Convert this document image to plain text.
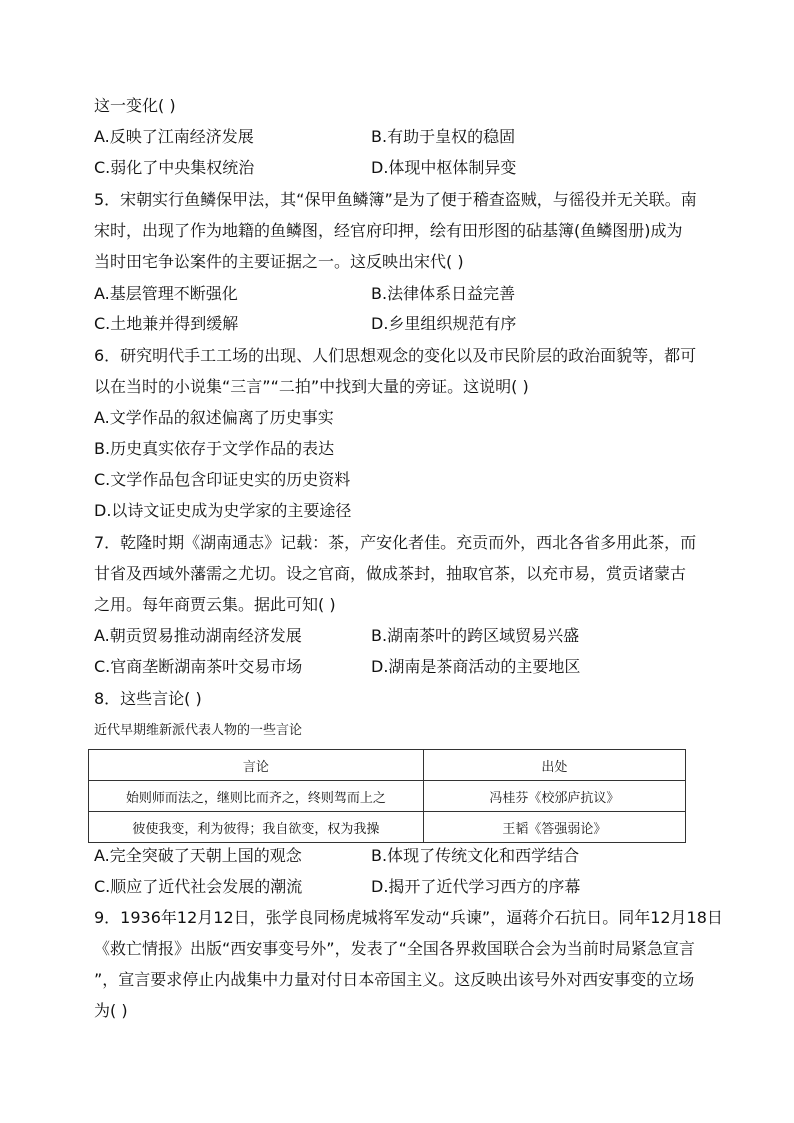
这一变化( )
A.反映了江南经济发展	B.有助于皇权的稳固
C.弱化了中央集权统治	D.体现中枢体制异变
5．宋朝实行鱼鳞保甲法，其“保甲鱼鳞簿”是为了便于稽查盗贼，与徭役并无关联。南
宋时，出现了作为地籍的鱼鳞图，经官府印押，绘有田形图的砧基簿(鱼鳞图册)成为
当时田宅争讼案件的主要证据之一。这反映出宋代( )
A.基层管理不断强化	B.法律体系日益完善
C.土地兼并得到缓解	D.乡里组织规范有序
6．研究明代手工工场的出现、人们思想观念的变化以及市民阶层的政治面貌等，都可
以在当时的小说集“三言”“二拍”中找到大量的旁证。这说明( )
A.文学作品的叙述偏离了历史事实
B.历史真实依存于文学作品的表达
C.文学作品包含印证史实的历史资料
D.以诗文证史成为史学家的主要途径
7．乾隆时期《湖南通志》记载：茶，产安化者佳。充贡而外，西北各省多用此茶，而
甘省及西域外藩需之尤切。设之官商，做成茶封，抽取官茶，以充市易，赏贡诸蒙古
之用。每年商贾云集。据此可知( )
A.朝贡贸易推动湖南经济发展	B.湖南茶叶的跨区域贸易兴盛
C.官商垄断湖南茶叶交易市场	D.湖南是茶商活动的主要地区
8．这些言论( )
近代早期维新派代表人物的一些言论
言论	出处
始则师而法之，继则比而齐之，终则驾而上之	冯桂芬《校邠庐抗议》
彼使我变，利为彼得；我自欲变，权为我操	王韬《答强弱论》
A.完全突破了天朝上国的观念	B.体现了传统文化和西学结合
C.顺应了近代社会发展的潮流	D.揭开了近代学习西方的序幕
9．1936年12月12日，张学良同杨虎城将军发动“兵谏”，逼蒋介石抗日。同年12月18日
《救亡情报》出版“西安事变号外”，发表了“全国各界救国联合会为当前时局紧急宣言
”，宣言要求停止内战集中力量对付日本帝国主义。这反映出该号外对西安事变的立场
为( )
